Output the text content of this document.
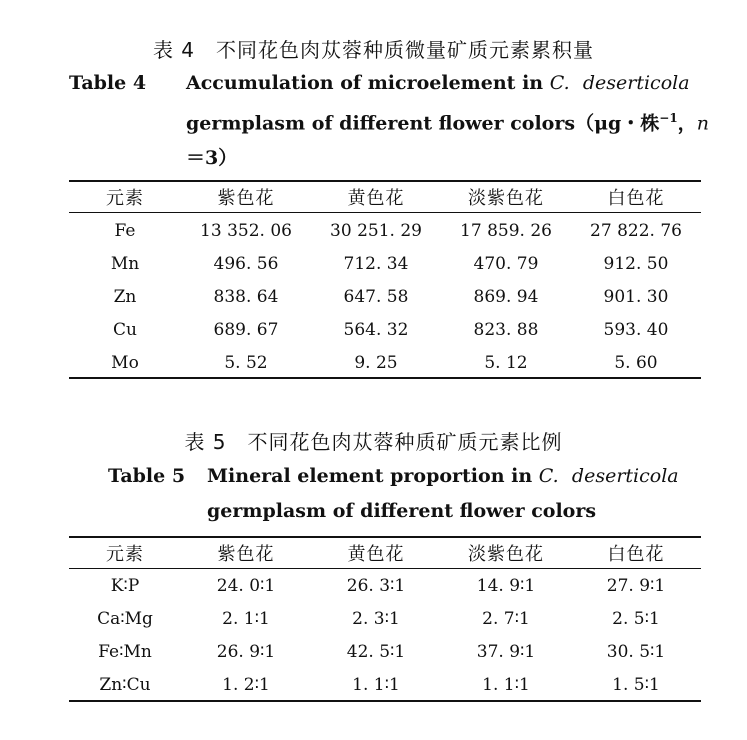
表 4　不同花色肉苁蓉种质微量矿质元素累积量
Table 4 Accumulation of microelement in C. deserticola
germplasm of different flower colors（μg・株$^{-1}$，n
＝3）
元素	紫色花	黄色花	淡紫色花	白色花
Fe	13 352. 06	30 251. 29	17 859. 26	27 822. 76
Mn	496. 56	712. 34	470. 79	912. 50
Zn	838. 64	647. 58	869. 94	901. 30
Cu	689. 67	564. 32	823. 88	593. 40
Mo	5. 52	9. 25	5. 12	5. 60
表 5　不同花色肉苁蓉种质矿质元素比例
Table 5 Mineral element proportion in C. deserticola
germplasm of different flower colors
元素	紫色花	黄色花	淡紫色花	白色花
K∶P	24. 0∶1	26. 3∶1	14. 9∶1	27. 9∶1
Ca∶Mg	2. 1∶1	2. 3∶1	2. 7∶1	2. 5∶1
Fe∶Mn	26. 9∶1	42. 5∶1	37. 9∶1	30. 5∶1
Zn∶Cu	1. 2∶1	1. 1∶1	1. 1∶1	1. 5∶1
